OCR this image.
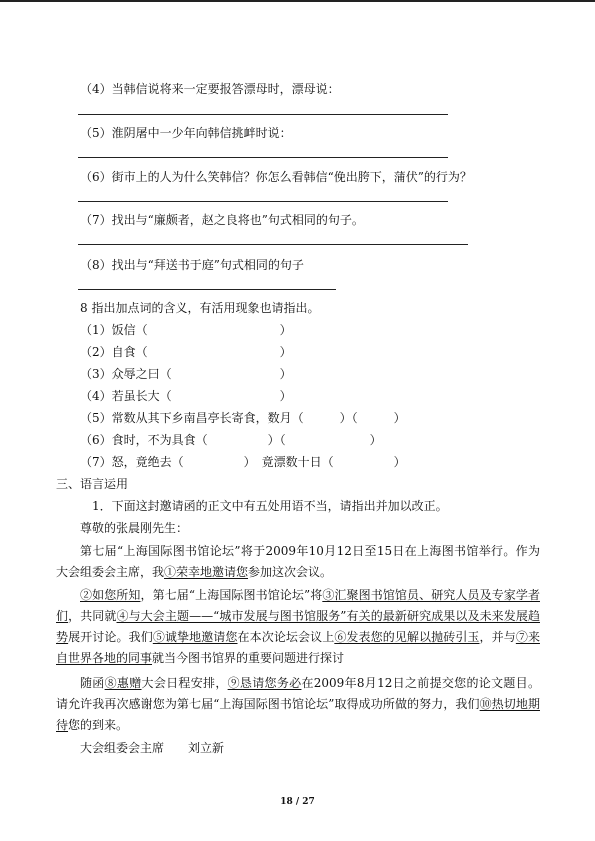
（4）当韩信说将来一定要报答漂母时，漂母说：
（5）淮阴屠中一少年向韩信挑衅时说：
（6）街市上的人为什么笑韩信？你怎么看韩信“俛出胯下，蒲伏”的行为？
（7）找出与“廉颇者，赵之良将也”句式相同的句子。
（8）找出与“拜送书于庭”句式相同的句子
8 指出加点词的含义，有活用现象也请指出。
（1）饭信（　　　　　　　　　　　）
（2）自食（　　　　　　　　　　　）
（3）众辱之曰（　　　　　　　　　）
（4）若虽长大（　　　　　　　　　）
（5）常数从其下乡南昌亭长寄食，数月（　　　）（　　　）
（6）食时，不为具食（　　　　　）（　　　　　　　）
（7）怒，竟绝去（　　　　　）　竟漂数十日（　　　　　）
三、语言运用
1．下面这封邀请函的正文中有五处用语不当，请指出并加以改正。
尊敬的张晨刚先生：
第七届“上海国际图书馆论坛”将于2009年10月12日至15日在上海图书馆举行。作为大会组委会主席，我①荣幸地邀请您参加这次会议。
②如您所知，第七届“上海国际图书馆论坛”将③汇聚图书馆馆员、研究人员及专家学者们，共同就④与大会主题——“城市发展与图书馆服务”有关的最新研究成果以及未来发展趋势展开讨论。我们⑤诚挚地邀请您在本次论坛会议上⑥发表您的见解以抛砖引玉，并与⑦来自世界各地的同事就当今图书馆界的重要问题进行探讨
随函⑧惠赠大会日程安排，⑨恳请您务必在2009年8月12日之前提交您的论文题目。请允许我再次感谢您为第七届“上海国际图书馆论坛”取得成功所做的努力，我们⑩热切地期待您的到来。
大会组委会主席　　刘立新
18 / 27
